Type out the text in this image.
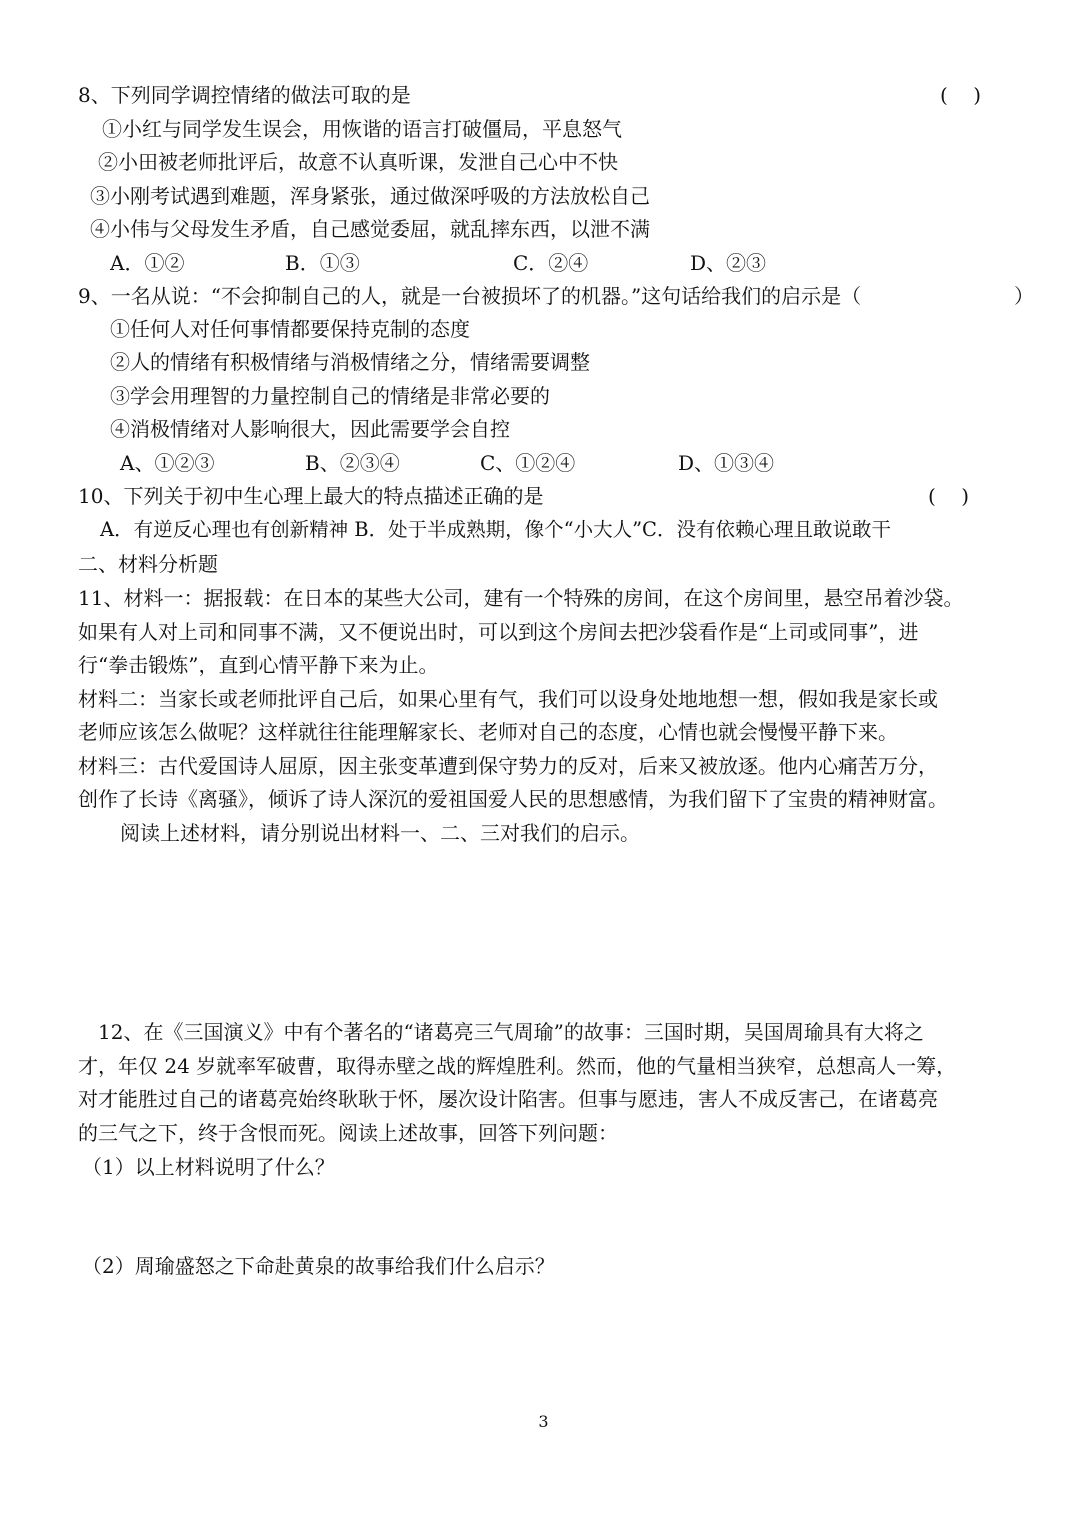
8、下列同学调控情绪的做法可取的是	(    )
①小红与同学发生误会，用恢谐的语言打破僵局，平息怒气
②小田被老师批评后，故意不认真听课，发泄自己心中不快
③小刚考试遇到难题，浑身紧张，通过做深呼吸的方法放松自己
④小伟与父母发生矛盾，自己感觉委屈，就乱摔东西，以泄不满
A．①②	B．①③	C．②④	D、②③
9、一名从说：“不会抑制自己的人，就是一台被损坏了的机器。”这句话给我们的启示是（	）
①任何人对任何事情都要保持克制的态度
②人的情绪有积极情绪与消极情绪之分，情绪需要调整
③学会用理智的力量控制自己的情绪是非常必要的
④消极情绪对人影响很大，因此需要学会自控
A、①②③	B、②③④	C、①②④	D、①③④
10、下列关于初中生心理上最大的特点描述正确的是	(    )
A．有逆反心理也有创新精神 B．处于半成熟期，像个“小大人”C．没有依赖心理且敢说敢干
二、材料分析题
11、材料一：据报载：在日本的某些大公司，建有一个特殊的房间，在这个房间里，悬空吊着沙袋。
如果有人对上司和同事不满，又不便说出时，可以到这个房间去把沙袋看作是“上司或同事”，进
行“拳击锻炼”，直到心情平静下来为止。
材料二：当家长或老师批评自己后，如果心里有气，我们可以设身处地地想一想，假如我是家长或
老师应该怎么做呢？这样就往往能理解家长、老师对自己的态度，心情也就会慢慢平静下来。
材料三：古代爱国诗人屈原，因主张变革遭到保守势力的反对，后来又被放逐。他内心痛苦万分，
创作了长诗《离骚》，倾诉了诗人深沉的爱祖国爱人民的思想感情，为我们留下了宝贵的精神财富。
阅读上述材料，请分别说出材料一、二、三对我们的启示。
12、在《三国演义》中有个著名的“诸葛亮三气周瑜”的故事：三国时期，吴国周瑜具有大将之
才，年仅 24 岁就率军破曹，取得赤壁之战的辉煌胜利。然而，他的气量相当狭窄，总想高人一筹，
对才能胜过自己的诸葛亮始终耿耿于怀，屡次设计陷害。但事与愿违，害人不成反害己，在诸葛亮
的三气之下，终于含恨而死。阅读上述故事，回答下列问题：
（1）以上材料说明了什么？
（2）周瑜盛怒之下命赴黄泉的故事给我们什么启示？
3
